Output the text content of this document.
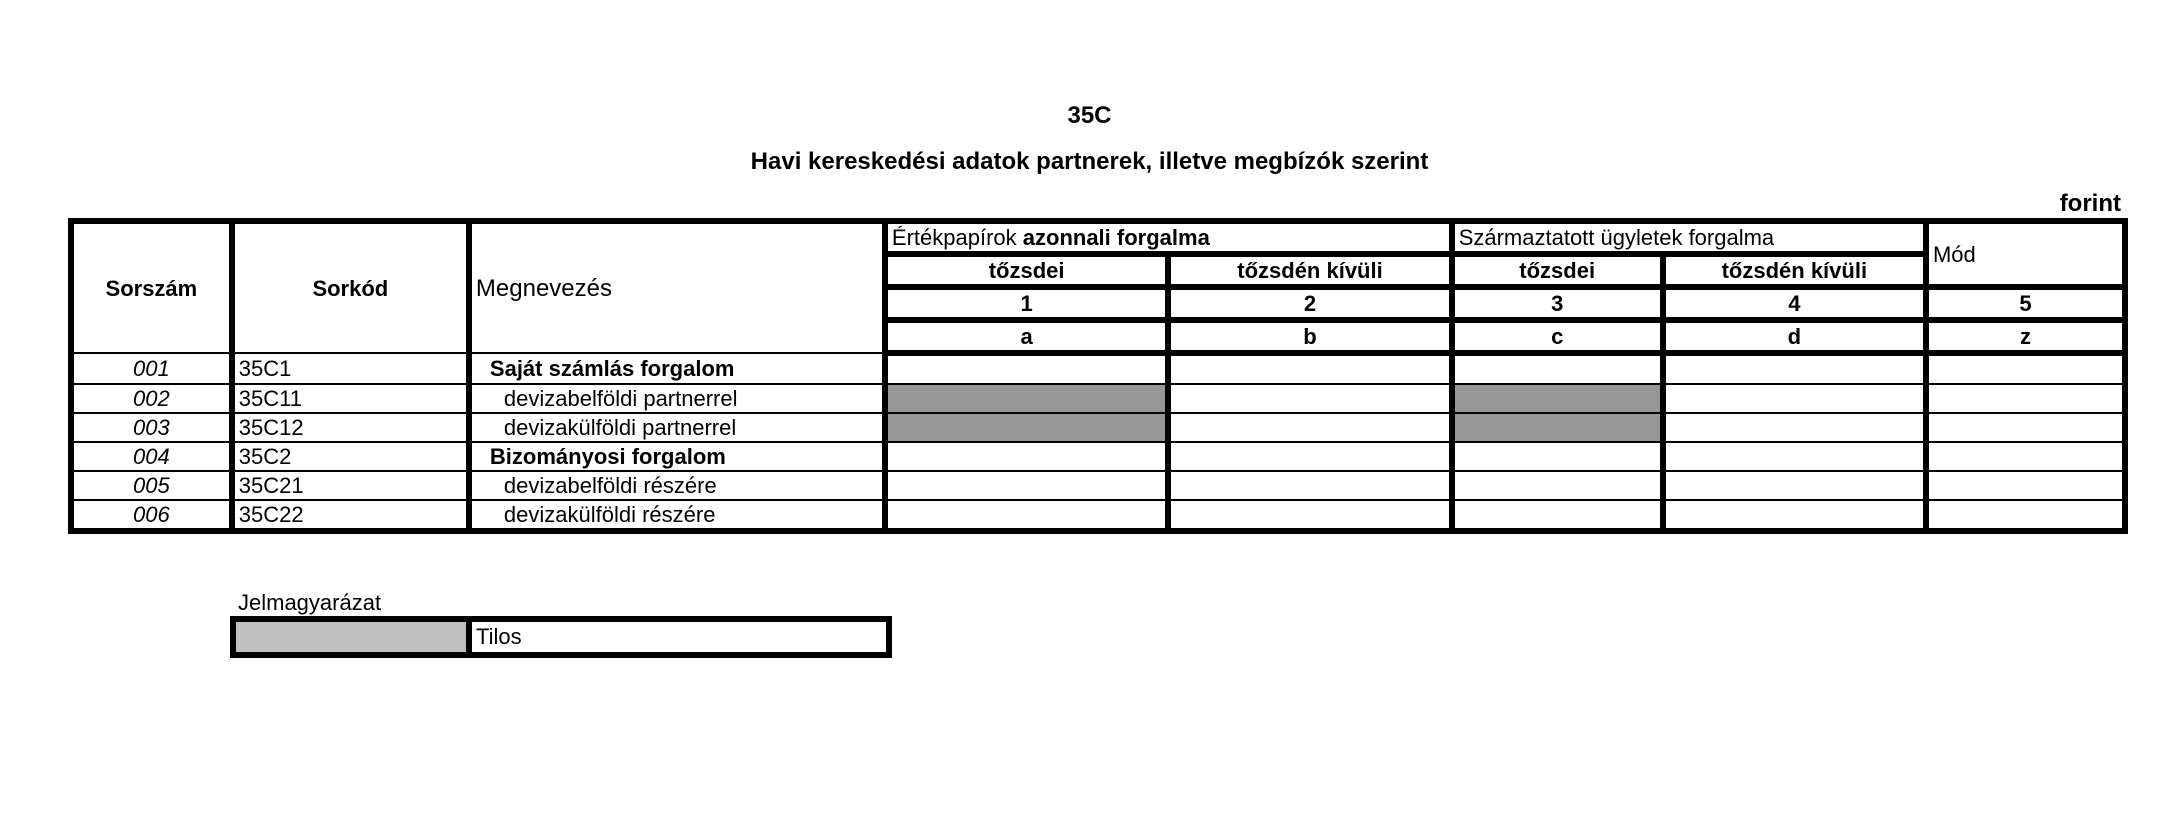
35C
Havi kereskedési adatok partnerek, illetve megbízók szerint
forint
Sorszám	Sorkód	Megnevezés	Értékpapírok azonnali forgalma		Származtatott ügyletek forgalma		Mód
			tőzsdei	tőzsdén kívüli	tőzsdei	tőzsdén kívüli	
			1	2	3	4	5
			a	b	c	d	z
001	35C1	Saját számlás forgalom					
002	35C11	devizabelföldi partnerrel					
003	35C12	devizakülföldi partnerrel					
004	35C2	Bizományosi forgalom					
005	35C21	devizabelföldi részére					
006	35C22	devizakülföldi részére					
Jelmagyarázat
	Tilos
